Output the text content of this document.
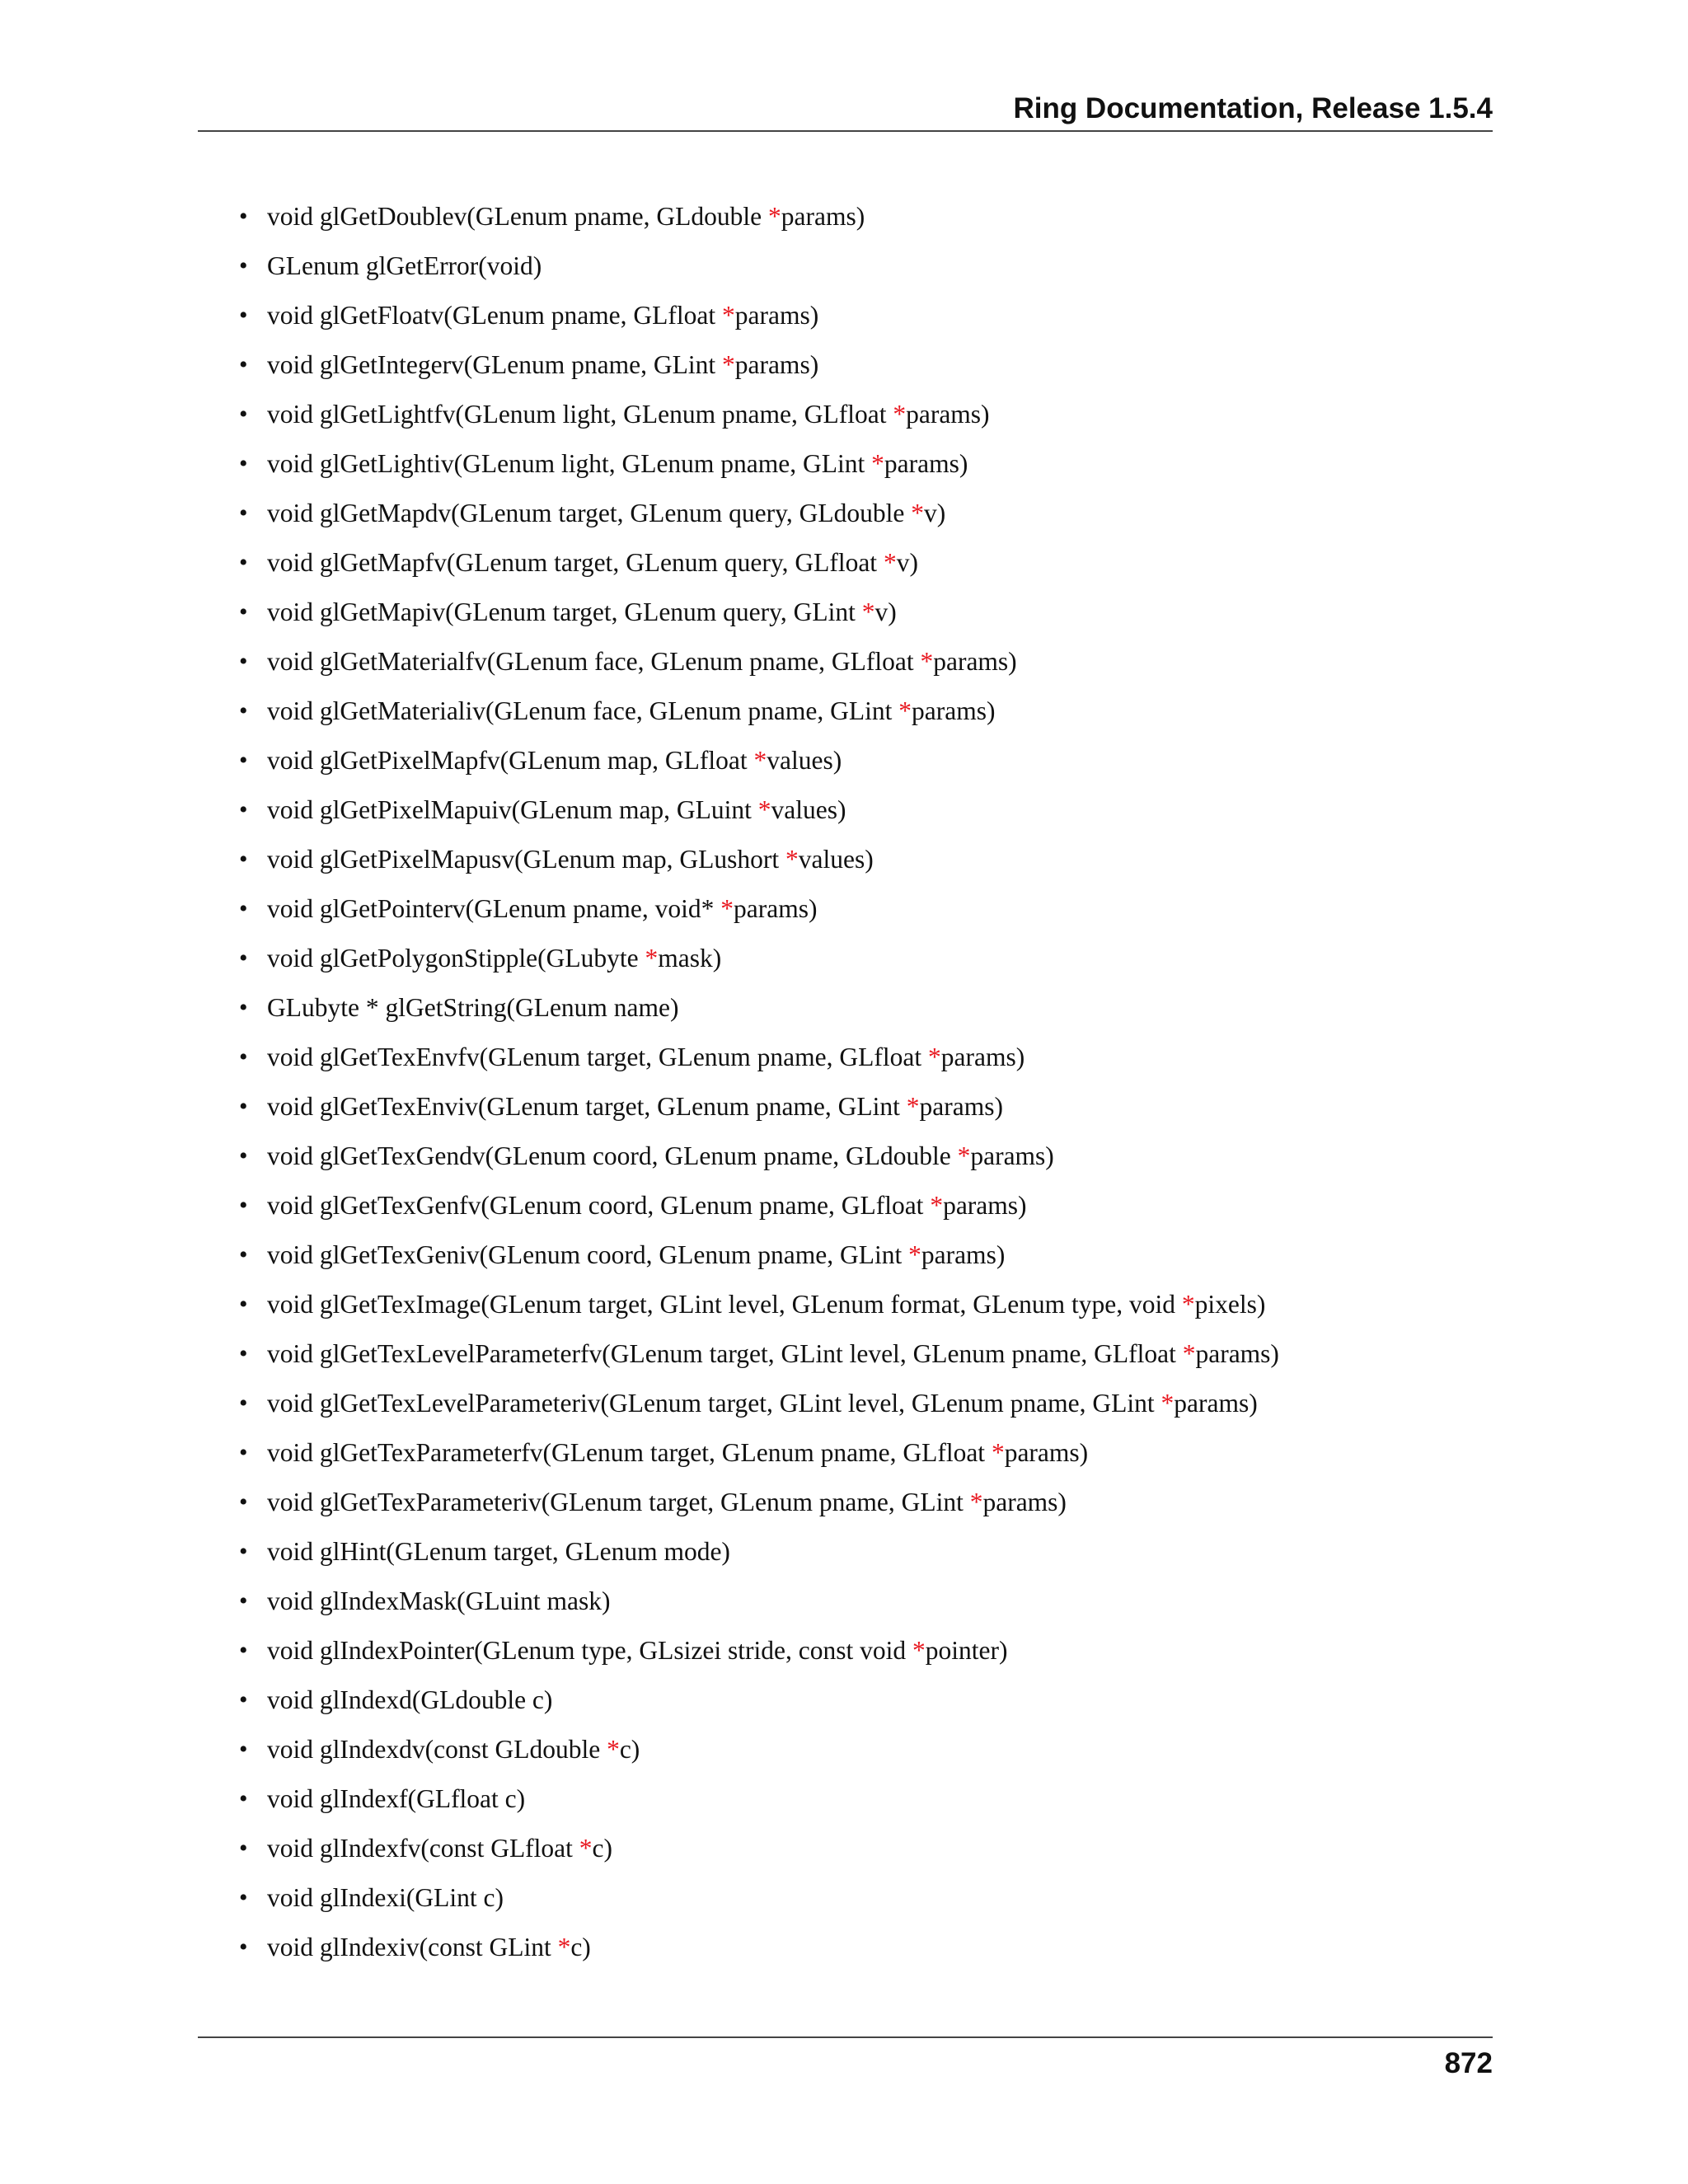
Ring Documentation, Release 1.5.4
• void glGetDoublev(GLenum pname, GLdouble *params)
• GLenum glGetError(void)
• void glGetFloatv(GLenum pname, GLfloat *params)
• void glGetIntegerv(GLenum pname, GLint *params)
• void glGetLightfv(GLenum light, GLenum pname, GLfloat *params)
• void glGetLightiv(GLenum light, GLenum pname, GLint *params)
• void glGetMapdv(GLenum target, GLenum query, GLdouble *v)
• void glGetMapfv(GLenum target, GLenum query, GLfloat *v)
• void glGetMapiv(GLenum target, GLenum query, GLint *v)
• void glGetMaterialfv(GLenum face, GLenum pname, GLfloat *params)
• void glGetMaterialiv(GLenum face, GLenum pname, GLint *params)
• void glGetPixelMapfv(GLenum map, GLfloat *values)
• void glGetPixelMapuiv(GLenum map, GLuint *values)
• void glGetPixelMapusv(GLenum map, GLushort *values)
• void glGetPointerv(GLenum pname, void* *params)
• void glGetPolygonStipple(GLubyte *mask)
• GLubyte * glGetString(GLenum name)
• void glGetTexEnvfv(GLenum target, GLenum pname, GLfloat *params)
• void glGetTexEnviv(GLenum target, GLenum pname, GLint *params)
• void glGetTexGendv(GLenum coord, GLenum pname, GLdouble *params)
• void glGetTexGenfv(GLenum coord, GLenum pname, GLfloat *params)
• void glGetTexGeniv(GLenum coord, GLenum pname, GLint *params)
• void glGetTexImage(GLenum target, GLint level, GLenum format, GLenum type, void *pixels)
• void glGetTexLevelParameterfv(GLenum target, GLint level, GLenum pname, GLfloat *params)
• void glGetTexLevelParameteriv(GLenum target, GLint level, GLenum pname, GLint *params)
• void glGetTexParameterfv(GLenum target, GLenum pname, GLfloat *params)
• void glGetTexParameteriv(GLenum target, GLenum pname, GLint *params)
• void glHint(GLenum target, GLenum mode)
• void glIndexMask(GLuint mask)
• void glIndexPointer(GLenum type, GLsizei stride, const void *pointer)
• void glIndexd(GLdouble c)
• void glIndexdv(const GLdouble *c)
• void glIndexf(GLfloat c)
• void glIndexfv(const GLfloat *c)
• void glIndexi(GLint c)
• void glIndexiv(const GLint *c)
872
